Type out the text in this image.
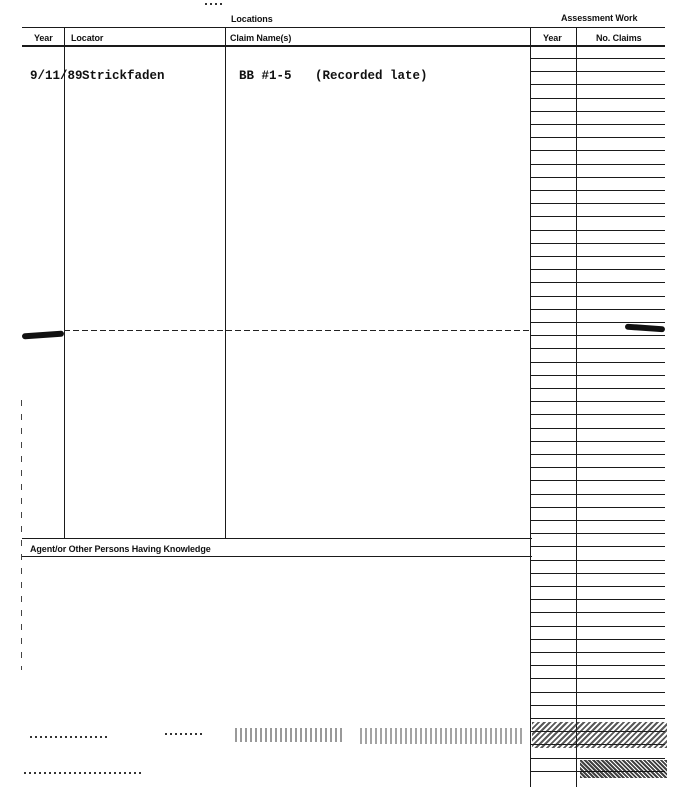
Locations	Assessment Work
Year Locator	Claim Name(s)	Year	No. Claims
9/11/89 Strickfaden	BB #1-5 (Recorded late)
Agent/or Other Persons Having Knowledge
